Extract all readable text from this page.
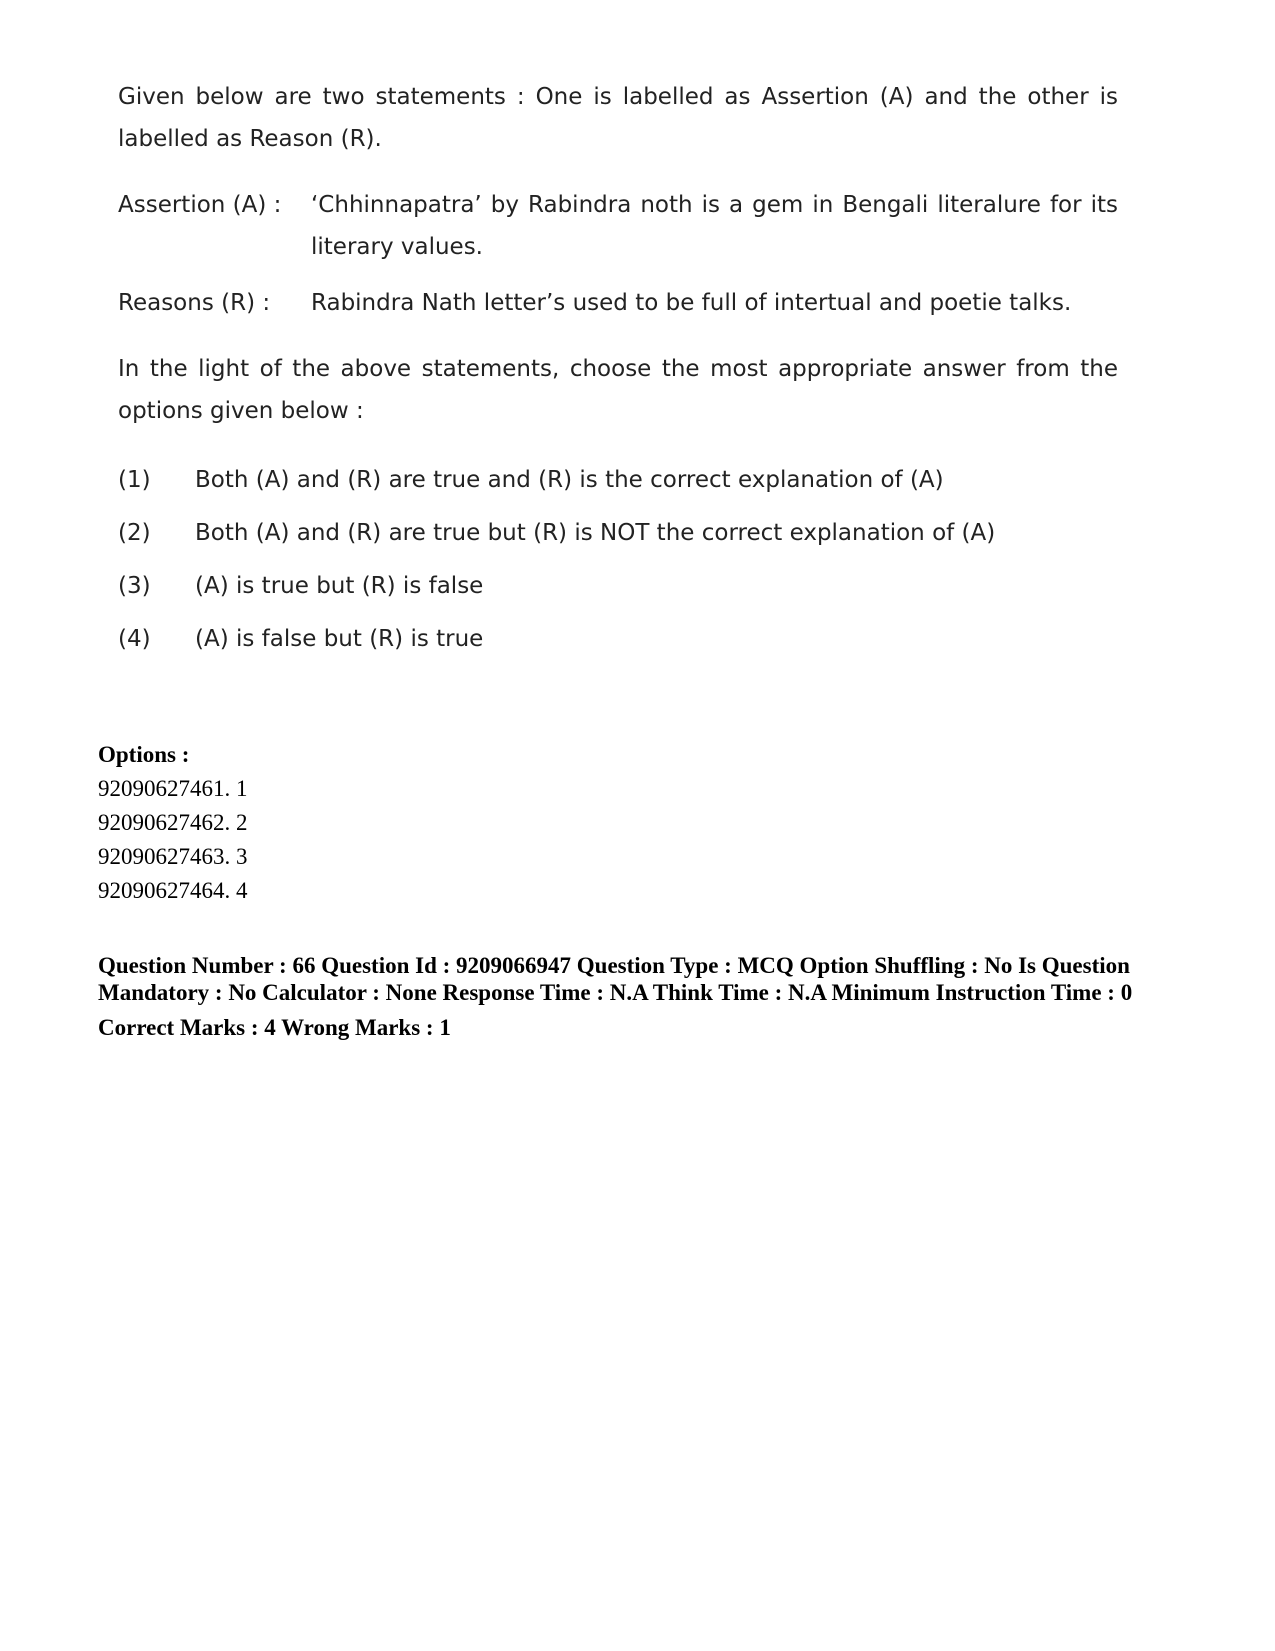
Given below are two statements : One is labelled as Assertion (A) and the other is labelled as Reason (R).

Assertion (A) :	‘Chhinnapatra’ by Rabindra noth is a gem in Bengali literalure for its literary values.
Reasons (R) :	Rabindra Nath letter’s used to be full of intertual and poetie talks.

In the light of the above statements, choose the most appropriate answer from the options given below :

(1)	Both (A) and (R) are true and (R) is the correct explanation of (A)
(2)	Both (A) and (R) are true but (R) is NOT the correct explanation of (A)
(3)	(A) is true but (R) is false
(4)	(A) is false but (R) is true
Options :
92090627461. 1
92090627462. 2
92090627463. 3
92090627464. 4
Question Number : 66 Question Id : 9209066947 Question Type : MCQ Option Shuffling : No Is Question Mandatory : No Calculator : None Response Time : N.A Think Time : N.A Minimum Instruction Time : 0
Correct Marks : 4 Wrong Marks : 1
